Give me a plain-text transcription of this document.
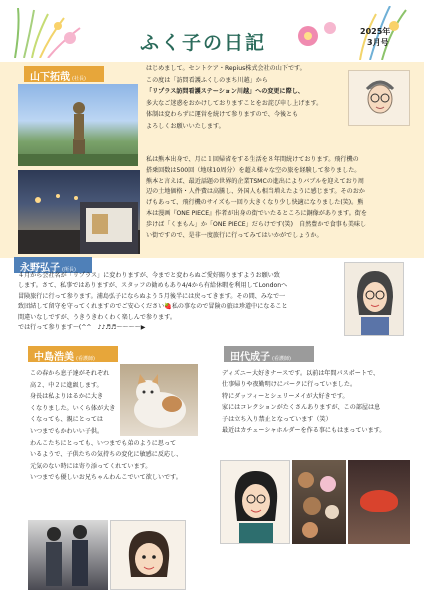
ふく子の日記
2025年
3月号
山下拓哉 (社長)
はじめまして。セントケア・Repius株式会社の山下です。
この度は「訪問看護ふくしのまち川越」から
「リプラス訪問看護ステーション川越」への変更に際し、
多大なご迷惑をおかけしておりますことをお詫び申し上げます。
体制は変わらずに運営を続けて参りますので、今後とも
よろしくお願いいたします。
私は熊本出身で、月に１回帰省をする生活を８年間続けております。飛行機の
搭乗回数は500回（地球10周分）を超え様々な空の旅を経験して参りました。
熊本と言えば、最近話題の世界的企業TSMCの進出によりバブルを迎えており周
辺の土地価格・人件費は高騰し、外国人も相当増えたように感じます。そのおか
げもあって、飛行機のサイズも一回り大きくなり少し快適になりました(笑)。熊
本は漫画『ONE PIECE』作者が出身の街でいたるところに銅像があります。街を
歩けば「くまもん」か「ONE PIECE」だらけです(笑)　自然豊かで食事も美味し
い街ですので、是非一度旅行に行ってみてはいかがでしょうか。
永野弘子 (所長)
４月から会社名が「リプラス」に変わりますが、今までと変わらぬご愛好賜りますようお願い致
します。さて、私事ではありますが、スタッフの勧めもあり4/4から有給休暇を利用してLondonへ
冒険旅行に行って参ります。浦島弘子にならぬよう５月後半には戻ってきます。その間、みなで一
致団結して留守を守ってくれますのでご安心ください🍓私の事なので冒険の旅は珍道中になること
間違いなしですが、うきうきわくわく楽しんで参ります。
では行って参ります〜(^^　♪♪♬♬〜〜〜〜▶
中島浩美 (看護師)
この春から息子達がそれぞれ
高２、中２に進級します。
身長は私よりはるかに大き
くなりました。いくら体が大き
くなっても、親にとっては
いつまでもかわいい子供。
わんこたちにとっても、いつまでも弟のように思って
いるようで、子供たちの気持ちの変化に敏感に反応し、
元気のない時には寄り添ってくれています。
いつまでも優しいお兄ちゃんわんこでいて欲しいです。
田代成子 (看護師)
ディズニー大好きナースです。以前は年間パスポートで、
仕事帰りや夜勤明けにパークに行っていました。
特にダッフィーとシェリーメイが大好きです。
家にはコレクションがたくさんありますが、この部屋は息
子は立ち入り禁止となっています（笑）
最近はカチューシャホルダーを作る事にもはまっています。
